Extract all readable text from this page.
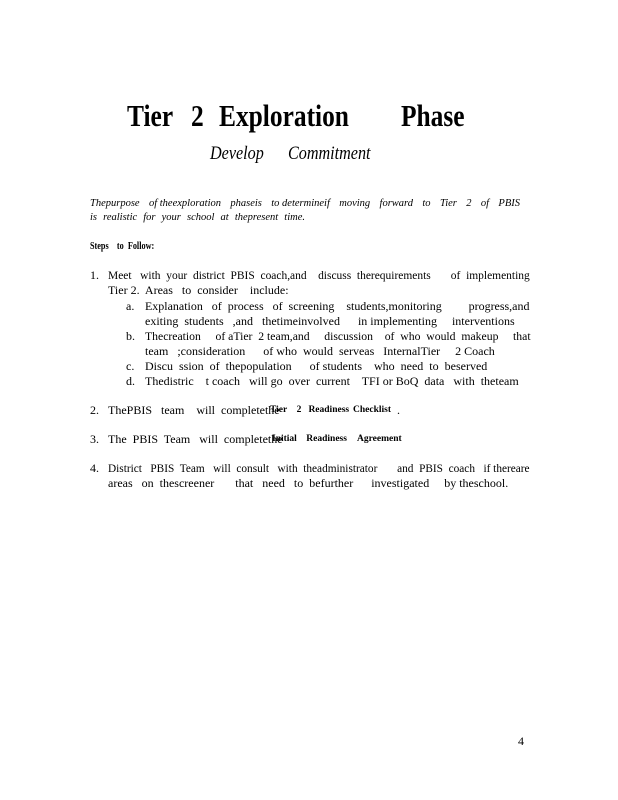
Tier 2 Exploration Phase
Develop Commitment
Thepurpose of theexploration phaseis to determineif moving forward to Tier 2 of PBIS
is realistic for your school at thepresent time.
Steps    to  Follow:
1. Meet   with  your  district  PBIS  coach,and    discuss  therequirements       of  implementing
Tier 2.  Areas   to  consider    include:
a. Explanation   of  process   of  screening    students,monitoring         progress,and
exiting  students   ,and   thetimeinvolved      in implementing     interventions
b. Thecreation     of aTier  2 team,and     discussion    of  who  would  makeup     that
team   ;consideration      of who  would  serveas   InternalTier     2 Coach
c. Discu  ssion  of  thepopulation      of students    who  need  to  beserved
d. Thedistric    t coach   will go  over  current    TFI or BoQ  data   with  theteam
2. ThePBIS   team    will  completethe
Tier    2   Readiness Checklist .
3. The  PBIS  Team   will  completethe
Initial    Readiness Agreement
4. District   PBIS  Team   will  consult   with  theadministrator       and  PBIS  coach   if thereare
areas   on  thescreener       that   need   to  befurther      investigated     by theschool.
4
